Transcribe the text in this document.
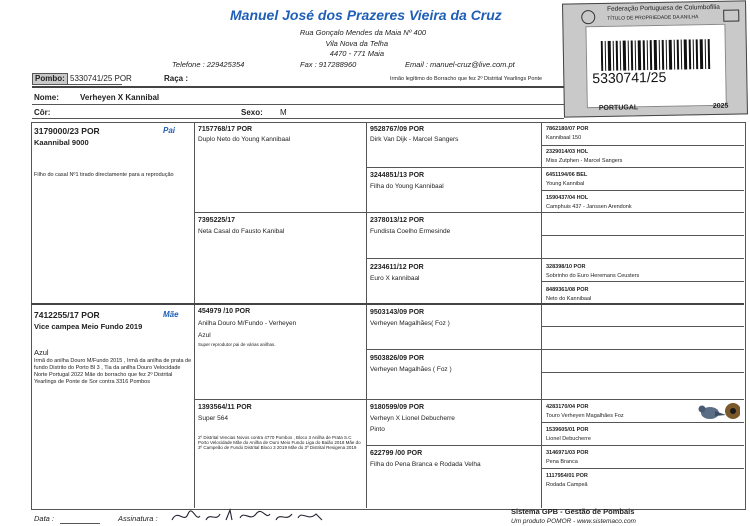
Manuel José dos Prazeres Vieira da Cruz
Rua Gonçalo Mendes da Maia Nº 400
Vila Nova da Telha
4470 - 771 Maia
Telefone : 229425354	Fax : 917288960	Email : manuel-cruz@live.com.pt
Federação Portuguesa de Columbofilia
TÍTULO DE PROPRIEDADE DA ANILHA
5330741/25
PORTUGAL	2025
Pombo: 5330741/25 POR	Raça :	Irmão legítimo do Borracho que fez 2º Distrital Yearlings Ponte
Nome:	Verheyen X Kannibal
Côr:	Sexo: M
3179000/23 POR	Pai
Kaannibal 9000
Filho do casal Nº1 tirado directamente para a reprodução
7412255/17 POR	Mãe
Vice campea Meio Fundo 2019
Azul
Irmã do anilha Douro M/Fundo 2015 , Irmã da anilha de prata de fundo Distrito do Porto Bl 3 , Tia da anilha Douro Velocidade Norte Portugal 2022 Mãe do borracho que fez 2º Distrital Yearlings de Ponte de Sor contra 3316 Pombos
7157768/17 POR
Duplo Neto do Young Kannibaal
7395225/17
Neta Casal do Fausto Kanibal
454979 /10 POR
Anilha Douro M/Fundo - Verheyen
Azul
Super reprodutor pai de várias anilhas.
1393564/11 POR
Super 564
2º Distrital Vencias Novos contra 4770 Pombos , Bloco 3 Anilha de Prata S.C Porto Velocidade Mãe do Anilha de Ouro Meio Fundo Liga do Baião 2018 Mãe do 3º Campeão de Fundo Distrital Bloco 3 2019 Mãe do 3º Distrital Resigena 2019
9528767/09 POR
Dirk Van Dijk - Marcel Sangers
3244851/13 POR
Filha do Young Kannibaal
2378013/12 POR
Fundista Coelho Ermesinde
2234611/12 POR
Euro X kannibaal
9503143/09 POR
Verheyen Magalhães( Foz )
9503826/09 POR
Verheyen Magalhães ( Foz )
9180599/09 POR
Verheyn X Lionel Debucherre
Pinto
622799 /00 POR
Filha do Pena Branca e Rodada Velha
7862180/07 POR
Kannibaal 150
2329014/03 HOL
Miss Zutphen - Marcel Sangers
6451194/06 BEL
Young Kannibal
1590437/04 HOL
Camphuis 437 - Janssen Arendonk
328398/10 POR
Sobrinho do Euro Heremans Ceusters
8489361/08 POR
Neto do Kannibaal
4283170/04 POR
Touro Verheyen Magalhães Foz
1539605/01 POR
Lionel Debucherre
3146971/03 POR
Pena Branca
1117954/01 POR
Rodada Campeã
Data :	Assinatura :
Sistema GPB - Gestão de Pombais
Um produto POMOR - www.sistemaco.com
